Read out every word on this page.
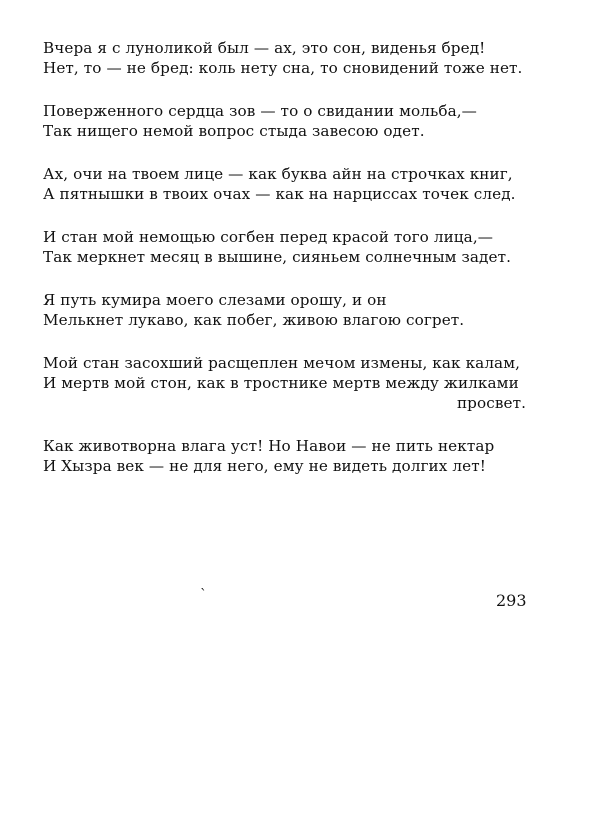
Вчера я с луноликой был — ах, это сон, виденья бред!
Нет, то — не бред: коль нету сна, то сновидений тоже нет.
Поверженного сердца зов — то о свидании мольба,—
Так нищего немой вопрос стыда завесою одет.
Ах, очи на твоем лице — как буква айн на строчках книг,
А пятнышки в твоих очах — как на нарциссах точек след.
И стан мой немощью согбен перед красой того лица,—
Так меркнет месяц в вышине, сияньем солнечным задет.
Я путь кумира моего слезами орошу, и он
Мелькнет лукаво, как побег, живою влагою согрет.
Мой стан засохший расщеплен мечом измены, как калам,
И мертв мой стон, как в тростнике мертв между жилками
просвет.
Как животворна влага уст! Но Навои — не пить нектар
И Хызра век — не для него, ему не видеть долгих лет!
`	293
